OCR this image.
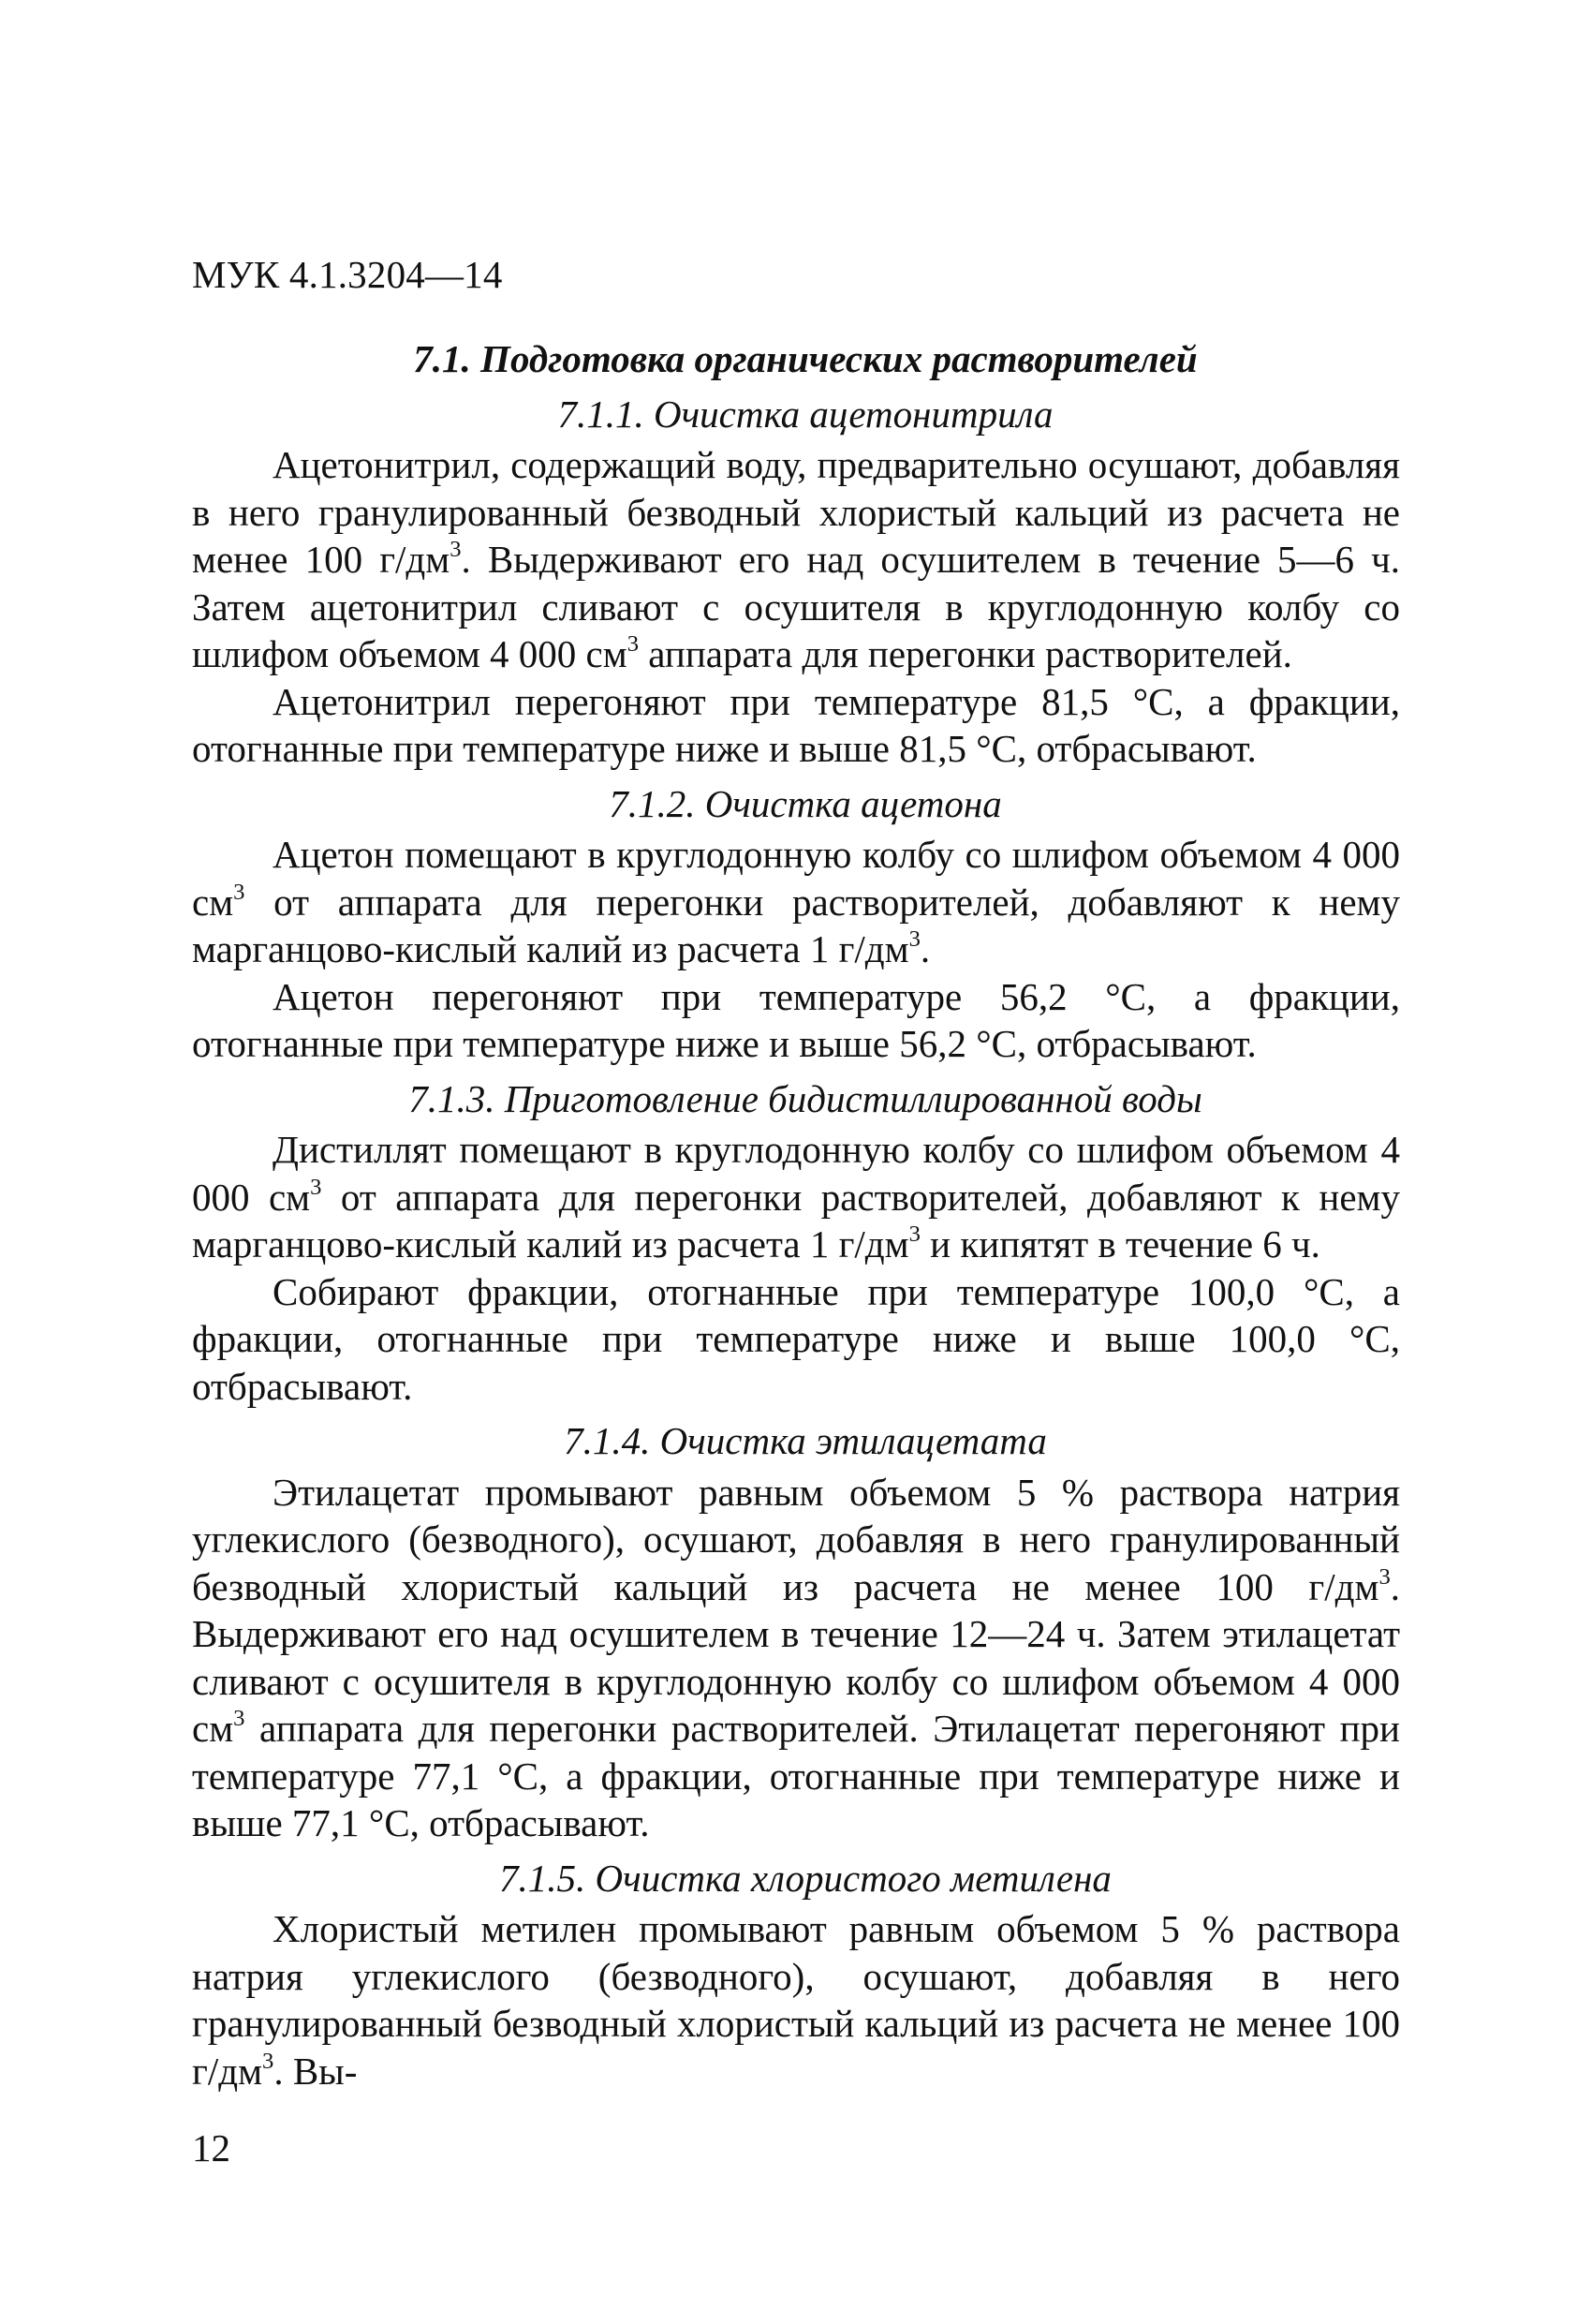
МУК 4.1.3204—14
7.1. Подготовка органических растворителей
7.1.1. Очистка ацетонитрила

Ацетонитрил, содержащий воду, предварительно осушают, добавляя в него гранулированный безводный хлористый кальций из расчета не менее 100 $г/дм^3$. Выдерживают его над осушителем в течение 5—6 ч. Затем ацетонитрил сливают с осушителя в круглодонную колбу со шлифом объемом 4 000 $см^3$ аппарата для перегонки растворителей.

Ацетонитрил перегоняют при температуре 81,5 °С, а фракции, отогнанные при температуре ниже и выше 81,5 °С, отбрасывают.

7.1.2. Очистка ацетона

Ацетон помещают в круглодонную колбу со шлифом объемом 4 000 $см^3$ от аппарата для перегонки растворителей, добавляют к нему марганцово-кислый калий из расчета 1 $г/дм^3$.

Ацетон перегоняют при температуре 56,2 °С, а фракции, отогнанные при температуре ниже и выше 56,2 °С, отбрасывают.

7.1.3. Приготовление бидистиллированной воды

Дистиллят помещают в круглодонную колбу со шлифом объемом 4 000 $см^3$ от аппарата для перегонки растворителей, добавляют к нему марганцово-кислый калий из расчета 1 $г/дм^3$ и кипятят в течение 6 ч.

Собирают фракции, отогнанные при температуре 100,0 °С, а фракции, отогнанные при температуре ниже и выше 100,0 °С, отбрасывают.

7.1.4. Очистка этилацетата

Этилацетат промывают равным объемом 5 % раствора натрия углекислого (безводного), осушают, добавляя в него гранулированный безводный хлористый кальций из расчета не менее 100 $г/дм^3$. Выдерживают его над осушителем в течение 12—24 ч. Затем этилацетат сливают с осушителя в круглодонную колбу со шлифом объемом 4 000 $см^3$ аппарата для перегонки растворителей. Этилацетат перегоняют при температуре 77,1 °С, а фракции, отогнанные при температуре ниже и выше 77,1 °С, отбрасывают.

7.1.5. Очистка хлористого метилена

Хлористый метилен промывают равным объемом 5 % раствора натрия углекислого (безводного), осушают, добавляя в него гранулированный безводный хлористый кальций из расчета не менее 100 $г/дм^3$. Вы-

12
